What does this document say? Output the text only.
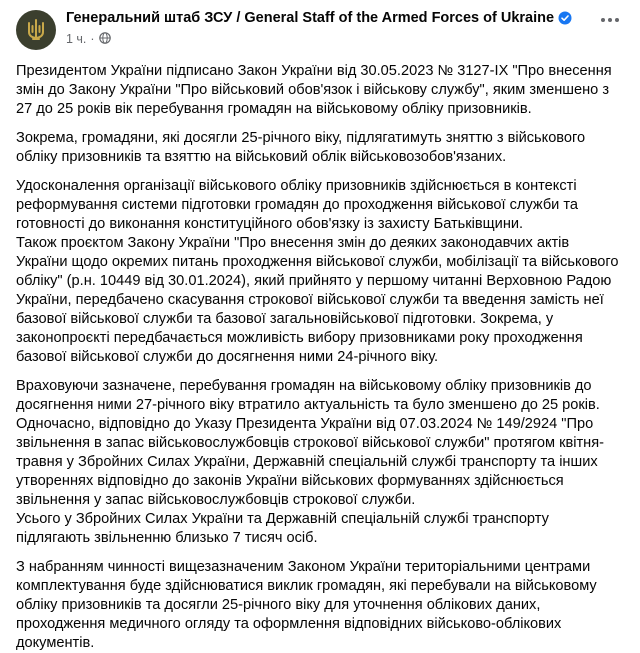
Генеральний штаб ЗСУ / General Staff of the Armed Forces of Ukraine
1 ч. ·

Президентом України підписано Закон України від 30.05.2023 № 3127-IX "Про внесення
змін до Закону України "Про військовий обов'язок і військову службу", яким зменшено з
27 до 25 років вік перебування громадян на військовому обліку призовників.

Зокрема, громадяни, які досягли 25-річного віку, підлягатимуть зняттю з військового
обліку призовників та взяттю на військовий облік військовозобов'язаних.

Удосконалення організації військового обліку призовників здійснюється в контексті
реформування системи підготовки громадян до проходження військової служби та
готовності до виконання конституційного обов'язку із захисту Батьківщини.
Також проєктом Закону України "Про внесення змін до деяких законодавчих актів
України щодо окремих питань проходження військової служби, мобілізації та військового
обліку" (р.н. 10449 від 30.01.2024), який прийнято у першому читанні Верховною Радою
України, передбачено скасування строкової військової служби та введення замість неї
базової військової служби та базової загальновійськової підготовки. Зокрема, у
законопроєкті передбачається можливість вибору призовниками року проходження
базової військової служби до досягнення ними 24-річного віку.

Враховуючи зазначене, перебування громадян на військовому обліку призовників до
досягнення ними 27-річного віку втратило актуальність та було зменшено до 25 років.
Одночасно, відповідно до Указу Президента України від 07.03.2024 № 149/2924 "Про
звільнення в запас військовослужбовців строкової військової служби" протягом квітня-
травня у Збройних Силах України, Державній спеціальній службі транспорту та інших
утвореннях відповідно до законів України військових формуваннях здійснюється
звільнення у запас військовослужбовців строкової служби.
Усього у Збройних Силах України та Державній спеціальній службі транспорту
підлягають звільненню близько 7 тисяч осіб.

З набранням чинності вищезазначеним Законом України територіальними центрами
комплектування буде здійснюватися виклик громадян, які перебували на військовому
обліку призовників та досягли 25-річного віку для уточнення облікових даних,
проходження медичного огляду та оформлення відповідних військово-облікових
документів.
